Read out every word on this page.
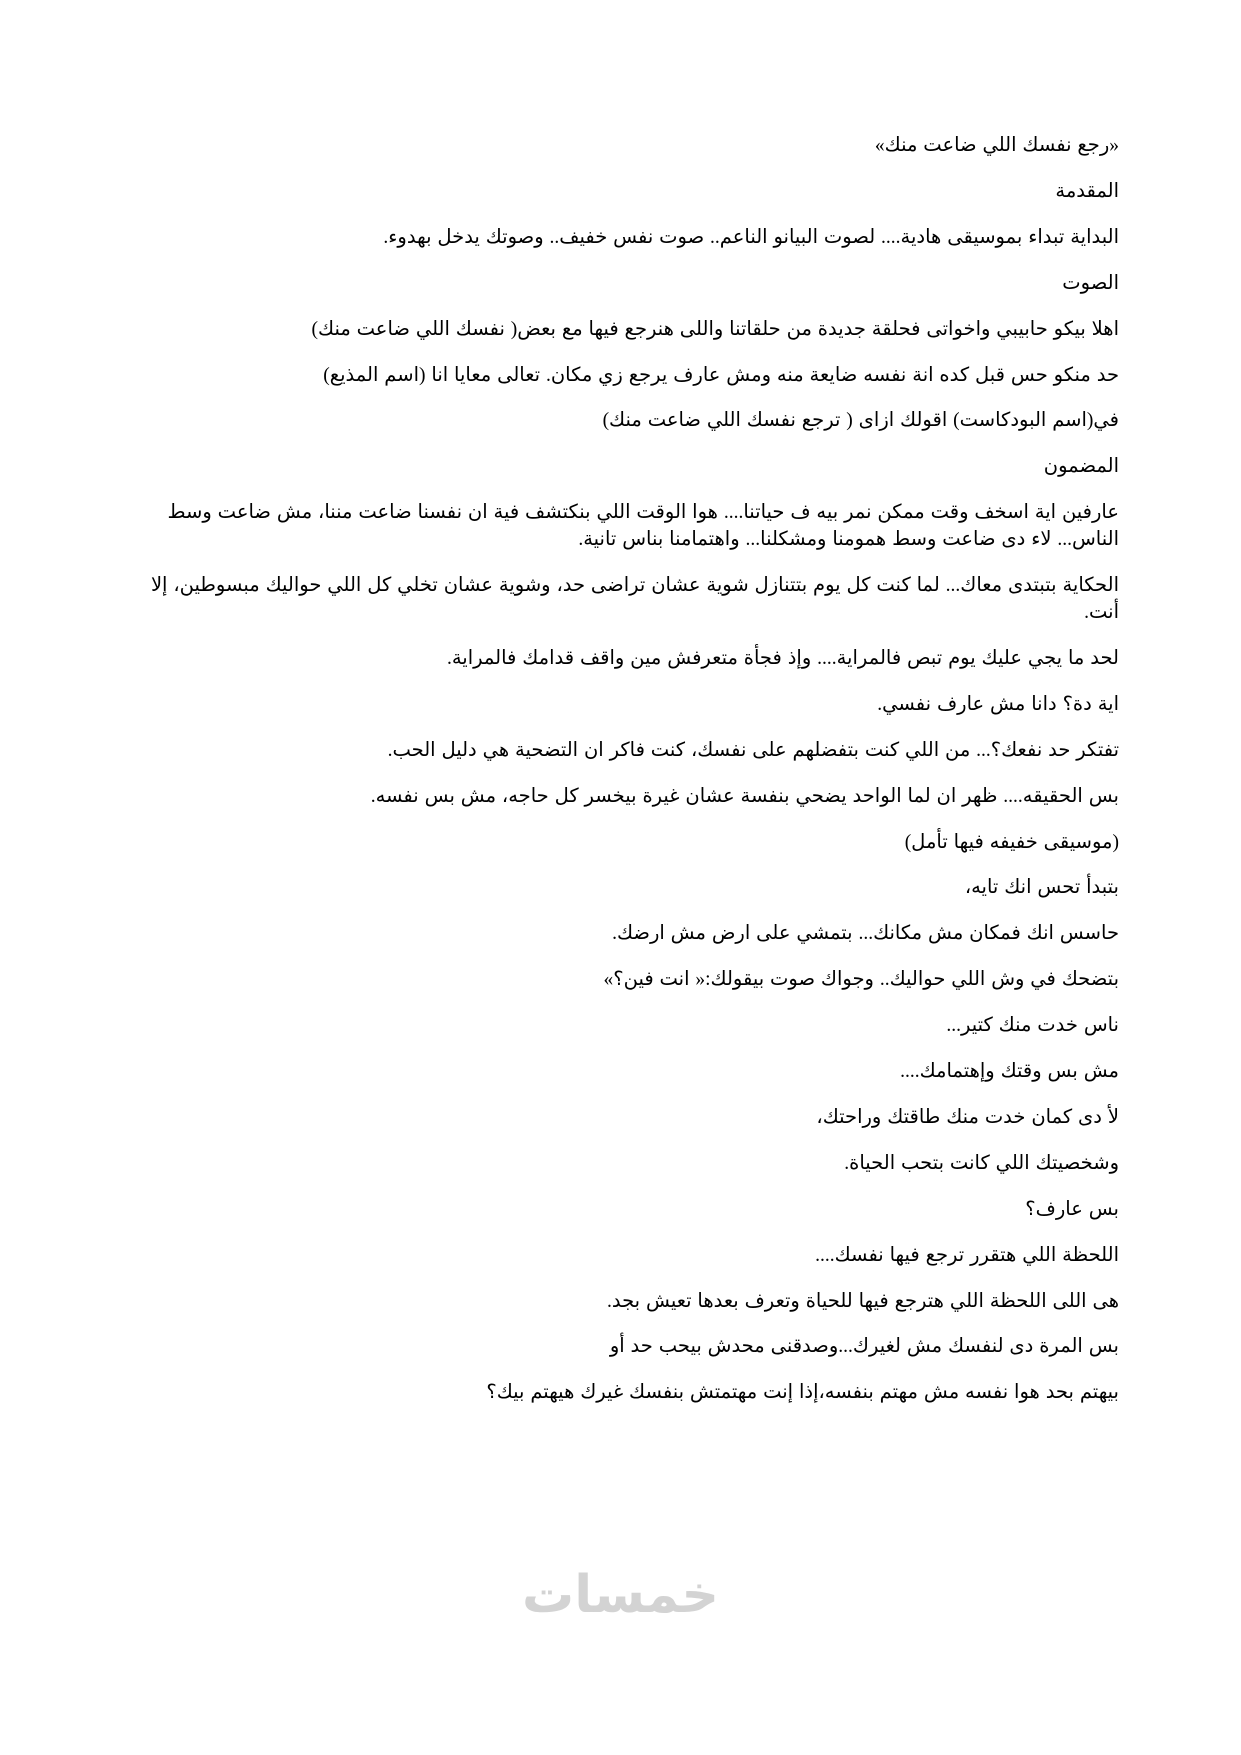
«رجع نفسك اللي ضاعت منك»

المقدمة

البداية تبداء بموسيقى هادية.... لصوت البيانو الناعم.. صوت نفس خفيف.. وصوتك يدخل بهدوء.

الصوت

اهلا بيكو حابيبي واخواتى فحلقة جديدة من حلقاتنا واللى هنرجع فيها مع بعض( نفسك اللي ضاعت منك)

حد منكو حس قبل كده انة نفسه ضايعة منه ومش عارف يرجع زي مكان. تعالى معايا انا (اسم المذيع)

في(اسم البودكاست) اقولك ازاى ( ترجع نفسك اللي ضاعت منك)

المضمون

عارفين اية اسخف وقت ممكن نمر بيه ف حياتنا.... هوا الوقت اللي بنكتشف فية ان نفسنا ضاعت مننا، مش ضاعت وسط الناس... لاء دى ضاعت وسط همومنا ومشكلنا... واهتمامنا بناس تانية.

الحكاية بتبتدى معاك... لما كنت كل يوم بتتنازل شوية عشان تراضى حد، وشوية عشان تخلي كل اللي حواليك مبسوطين، إلا أنت.

لحد ما يجي عليك يوم تبص فالمراية.... وإذ فجأة متعرفش مين واقف قدامك فالمراية.

اية دة؟ دانا مش عارف نفسي.

تفتكر حد نفعك؟... من اللي كنت بتفضلهم على نفسك، كنت فاكر ان التضحية هي دليل الحب.

بس الحقيقه.... ظهر ان لما الواحد يضحي بنفسة عشان غيرة بيخسر كل حاجه، مش بس نفسه.

(موسيقى خفيفه فيها تأمل)

بتبدأ تحس انك تايه،

حاسس انك فمكان مش مكانك... بتمشي على ارض مش ارضك.

بتضحك في وش اللي حواليك.. وجواك صوت بيقولك:« انت فين؟»

ناس خدت منك كتير...

مش بس وقتك وإهتمامك....

لأ دى كمان خدت منك طاقتك وراحتك،

وشخصيتك اللي كانت بتحب الحياة.

بس عارف؟

اللحظة اللي هتقرر ترجع فيها نفسك....

هى اللى اللحظة اللي هترجع فيها للحياة وتعرف بعدها تعيش بجد.

بس المرة دى لنفسك مش لغيرك...وصدقنى محدش بيحب حد أو

بيهتم بحد هوا نفسه مش مهتم بنفسه،إذا إنت مهتمتش بنفسك غيرك هيهتم بيك؟

خمسات
